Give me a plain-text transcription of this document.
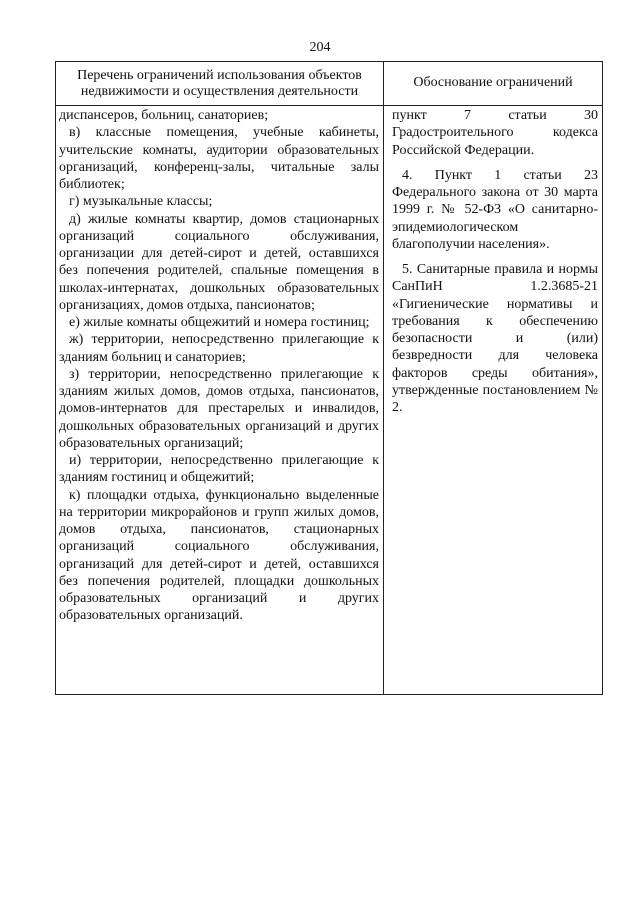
204
Перечень ограничений использования объектов недвижимости и осуществления деятельности
Обоснование ограничений

диспансеров, больниц, санаториев;

в) классные помещения, учебные кабинеты, учительские комнаты, аудитории образовательных организаций, конференц-залы, читальные залы библиотек;

г) музыкальные классы;

д) жилые комнаты квартир, домов стационарных организаций социального обслуживания, организации для детей-сирот и детей, оставшихся без попечения родителей, спальные помещения в школах-интернатах, дошкольных образовательных организациях, домов отдыха, пансионатов;

е) жилые комнаты общежитий и номера гостиниц;

ж) территории, непосредственно прилегающие к зданиям больниц и санаториев;

з) территории, непосредственно прилегающие к зданиям жилых домов, домов отдыха, пансионатов, домов-интернатов для престарелых и инвалидов, дошкольных образовательных организаций и других образовательных организаций;

и) территории, непосредственно прилегающие к зданиям гостиниц и общежитий;

к) площадки отдыха, функционально выделенные на территории микрорайонов и групп жилых домов, домов отдыха, пансионатов, стационарных организаций социального обслуживания, организаций для детей-сирот и детей, оставшихся без попечения родителей, площадки дошкольных образовательных организаций и других образовательных организаций.

пункт 7 статьи 30 Градостроительного кодекса Российской Федерации.

4. Пункт 1 статьи 23 Федерального закона от 30 марта 1999 г. № 52-ФЗ «О санитарно-эпидемиологическом благополучии населения».

5. Санитарные правила и нормы СанПиН 1.2.3685-21 «Гигиенические нормативы и требования к обеспечению безопасности и (или) безвредности для человека факторов среды обитания», утвержденные постановлением № 2.
